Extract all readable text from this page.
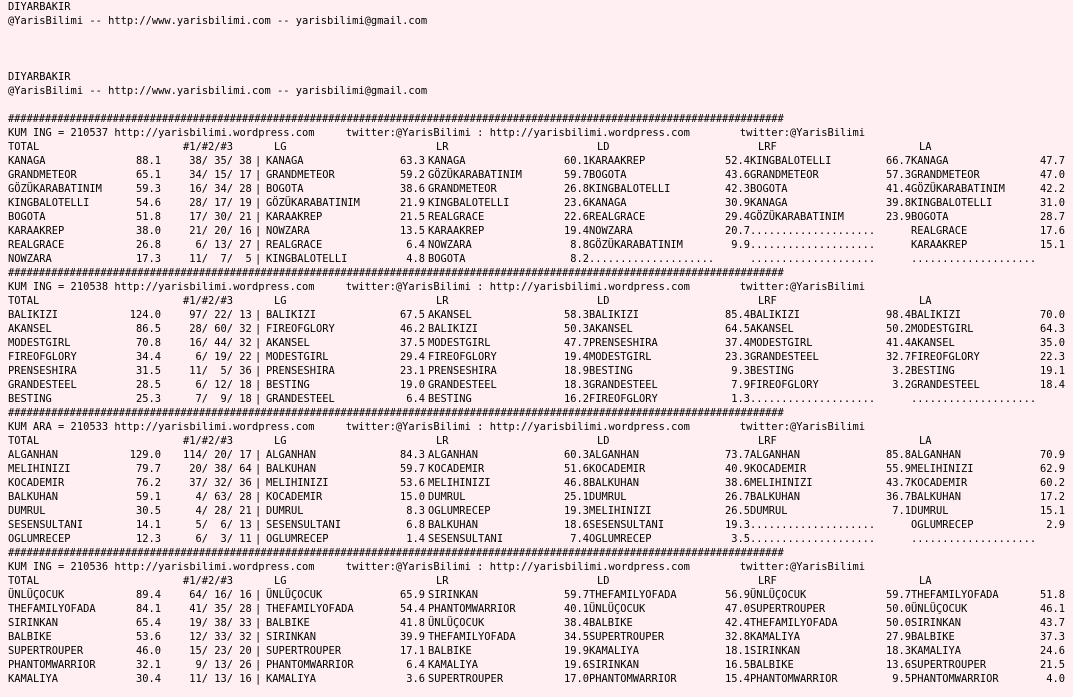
DIYARBAKIR
@YarisBilimi -- http://www.yarisbilimi.com -- yarisbilimi@gmail.com
DIYARBAKIR
@YarisBilimi -- http://www.yarisbilimi.com -- yarisbilimi@gmail.com
##############################################################################################################################
KUM ING = 210537 http://yarisbilimi.wordpress.com     twitter:@YarisBilimi : http://yarisbilimi.wordpress.com        twitter:@YarisBilimi
TOTAL	#1/#2/#3	LG	LR	LD	LRF	LA
KANAGA	88.1 38/ 35/ 38 | KANAGA	63.3 KANAGA	60.1 KARAAKREP	52.4 KINGBALOTELLI	66.7 KANAGA	47.7
GRANDMETEOR	65.1 34/ 15/ 17 | GRANDMETEOR	59.2 GÖZÜKARABATINIM	59.7 BOGOTA	43.6 GRANDMETEOR	57.3 GRANDMETEOR	47.0
GÖZÜKARABATINIM	59.3 16/ 34/ 28 | BOGOTA	38.6 GRANDMETEOR	26.8 KINGBALOTELLI	42.3 BOGOTA	41.4 GÖZÜKARABATINIM	42.2
KINGBALOTELLI	54.6 28/ 17/ 19 | GÖZÜKARABATINIM	21.9 KINGBALOTELLI	23.6 KANAGA	30.9 KANAGA	39.8 KINGBALOTELLI	31.0
BOGOTA	51.8 17/ 30/ 21 | KARAAKREP	21.5 REALGRACE	22.6 REALGRACE	29.4 GÖZÜKARABATINIM	23.9 BOGOTA	28.7
KARAAKREP	38.0 21/ 20/ 16 | NOWZARA	13.5 KARAAKREP	19.4 NOWZARA	20.7 ....................	REALGRACE	17.6
REALGRACE	26.8 6/ 13/ 27 | REALGRACE	6.4 NOWZARA	8.8 GÖZÜKARABATINIM	9.9 ....................	KARAAKREP	15.1
NOWZARA	17.3 11/  7/  5 | KINGBALOTELLI	4.8 BOGOTA	8.2 ....................	....................	....................
##############################################################################################################################
KUM ING = 210538 http://yarisbilimi.wordpress.com     twitter:@YarisBilimi : http://yarisbilimi.wordpress.com        twitter:@YarisBilimi
TOTAL	#1/#2/#3	LG	LR	LD	LRF	LA
BALIKIZI	124.0 97/ 22/ 13 | BALIKIZI	67.5 AKANSEL	58.3 BALIKIZI	85.4 BALIKIZI	98.4 BALIKIZI	70.0
AKANSEL	86.5 28/ 60/ 32 | FIREOFGLORY	46.2 BALIKIZI	50.3 AKANSEL	64.5 AKANSEL	50.2 MODESTGIRL	64.3
MODESTGIRL	70.8 16/ 44/ 32 | AKANSEL	37.5 MODESTGIRL	47.7 PRENSESHIRA	37.4 MODESTGIRL	41.4 AKANSEL	35.0
FIREOFGLORY	34.4 6/ 19/ 22 | MODESTGIRL	29.4 FIREOFGLORY	19.4 MODESTGIRL	23.3 GRANDESTEEL	32.7 FIREOFGLORY	22.3
PRENSESHIRA	31.5 11/  5/ 36 | PRENSESHIRA	23.1 PRENSESHIRA	18.9 BESTING	9.3 BESTING	3.2 BESTING	19.1
GRANDESTEEL	28.5 6/ 12/ 18 | BESTING	19.0 GRANDESTEEL	18.3 GRANDESTEEL	7.9 FIREOFGLORY	3.2 GRANDESTEEL	18.4
BESTING	25.3 7/  9/ 18 | GRANDESTEEL	6.4 BESTING	16.2 FIREOFGLORY	1.3 ....................	....................
##############################################################################################################################
KUM ARA = 210533 http://yarisbilimi.wordpress.com     twitter:@YarisBilimi : http://yarisbilimi.wordpress.com        twitter:@YarisBilimi
TOTAL	#1/#2/#3	LG	LR	LD	LRF	LA
ALGANHAN	129.0 114/ 20/ 17 | ALGANHAN	84.3 ALGANHAN	60.3 ALGANHAN	73.7 ALGANHAN	85.8 ALGANHAN	70.9
MELIHINIZI	79.7 20/ 38/ 64 | BALKUHAN	59.7 KOCADEMIR	51.6 KOCADEMIR	40.9 KOCADEMIR	55.9 MELIHINIZI	62.9
KOCADEMIR	76.2 37/ 32/ 36 | MELIHINIZI	53.6 MELIHINIZI	46.8 BALKUHAN	38.6 MELIHINIZI	43.7 KOCADEMIR	60.2
BALKUHAN	59.1 4/ 63/ 28 | KOCADEMIR	15.0 DUMRUL	25.1 DUMRUL	26.7 BALKUHAN	36.7 BALKUHAN	17.2
DUMRUL	30.5 4/ 28/ 21 | DUMRUL	8.3 OGLUMRECEP	19.3 MELIHINIZI	26.5 DUMRUL	7.1 DUMRUL	15.1
SESENSULTANI	14.1 5/  6/ 13 | SESENSULTANI	6.8 BALKUHAN	18.6 SESENSULTANI	19.3 ....................	OGLUMRECEP	2.9
OGLUMRECEP	12.3 6/  3/ 11 | OGLUMRECEP	1.4 SESENSULTANI	7.4 OGLUMRECEP	3.5 ....................	....................
##############################################################################################################################
KUM ING = 210536 http://yarisbilimi.wordpress.com     twitter:@YarisBilimi : http://yarisbilimi.wordpress.com        twitter:@YarisBilimi
TOTAL	#1/#2/#3	LG	LR	LD	LRF	LA
ÜNLÜÇOCUK	89.4 64/ 16/ 16 | ÜNLÜÇOCUK	65.9 SIRINKAN	59.7 THEFAMILYOFADA	56.9 ÜNLÜÇOCUK	59.7 THEFAMILYOFADA	51.8
THEFAMILYOFADA	84.1 41/ 35/ 28 | THEFAMILYOFADA	54.4 PHANTOMWARRIOR	40.1 ÜNLÜÇOCUK	47.0 SUPERTROUPER	50.0 ÜNLÜÇOCUK	46.1
SIRINKAN	65.4 19/ 38/ 33 | BALBIKE	41.8 ÜNLÜÇOCUK	38.4 BALBIKE	42.4 THEFAMILYOFADA	50.0 SIRINKAN	43.7
BALBIKE	53.6 12/ 33/ 32 | SIRINKAN	39.9 THEFAMILYOFADA	34.5 SUPERTROUPER	32.8 KAMALIYA	27.9 BALBIKE	37.3
SUPERTROUPER	46.0 15/ 23/ 20 | SUPERTROUPER	17.1 BALBIKE	19.9 KAMALIYA	18.1 SIRINKAN	18.3 KAMALIYA	24.6
PHANTOMWARRIOR	32.1 9/ 13/ 26 | PHANTOMWARRIOR	6.4 KAMALIYA	19.6 SIRINKAN	16.5 BALBIKE	13.6 SUPERTROUPER	21.5
KAMALIYA	30.4 11/ 13/ 16 | KAMALIYA	3.6 SUPERTROUPER	17.0 PHANTOMWARRIOR	15.4 PHANTOMWARRIOR	9.5 PHANTOMWARRIOR	4.0
